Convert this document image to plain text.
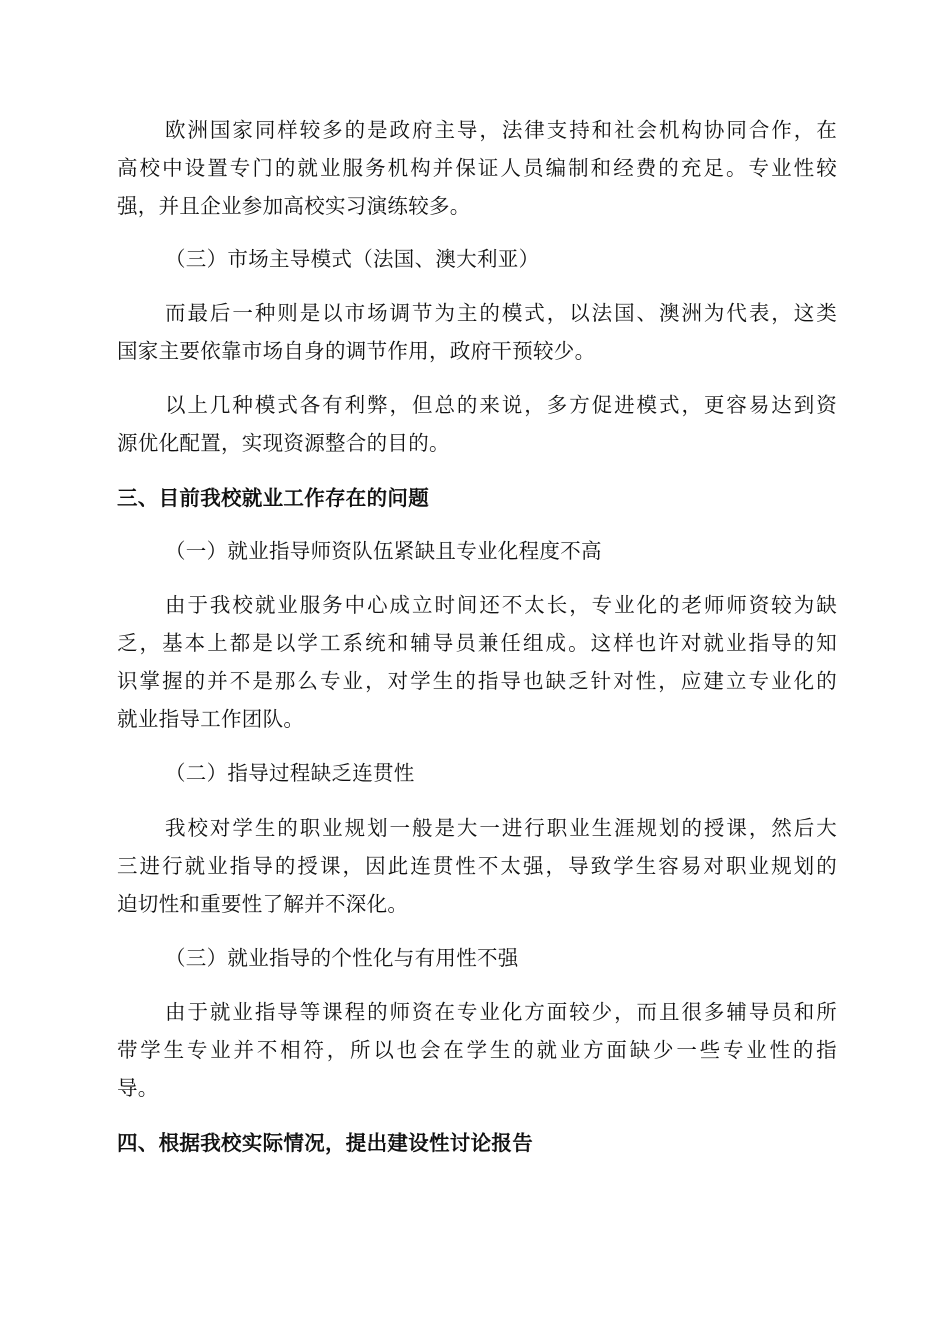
欧洲国家同样较多的是政府主导，法律支持和社会机构协同合作，在
高校中设置专门的就业服务机构并保证人员编制和经费的充足。专业性较
强，并且企业参加高校实习演练较多。
（三）市场主导模式（法国、澳大利亚）
而最后一种则是以市场调节为主的模式，以法国、澳洲为代表，这类
国家主要依靠市场自身的调节作用，政府干预较少。
以上几种模式各有利弊，但总的来说，多方促进模式，更容易达到资
源优化配置，实现资源整合的目的。
三、目前我校就业工作存在的问题
（一）就业指导师资队伍紧缺且专业化程度不高
由于我校就业服务中心成立时间还不太长，专业化的老师师资较为缺
乏，基本上都是以学工系统和辅导员兼任组成。这样也许对就业指导的知
识掌握的并不是那么专业，对学生的指导也缺乏针对性，应建立专业化的
就业指导工作团队。
（二）指导过程缺乏连贯性
我校对学生的职业规划一般是大一进行职业生涯规划的授课，然后大
三进行就业指导的授课，因此连贯性不太强，导致学生容易对职业规划的
迫切性和重要性了解并不深化。
（三）就业指导的个性化与有用性不强
由于就业指导等课程的师资在专业化方面较少，而且很多辅导员和所
带学生专业并不相符，所以也会在学生的就业方面缺少一些专业性的指
导。
四、根据我校实际情况，提出建设性讨论报告
